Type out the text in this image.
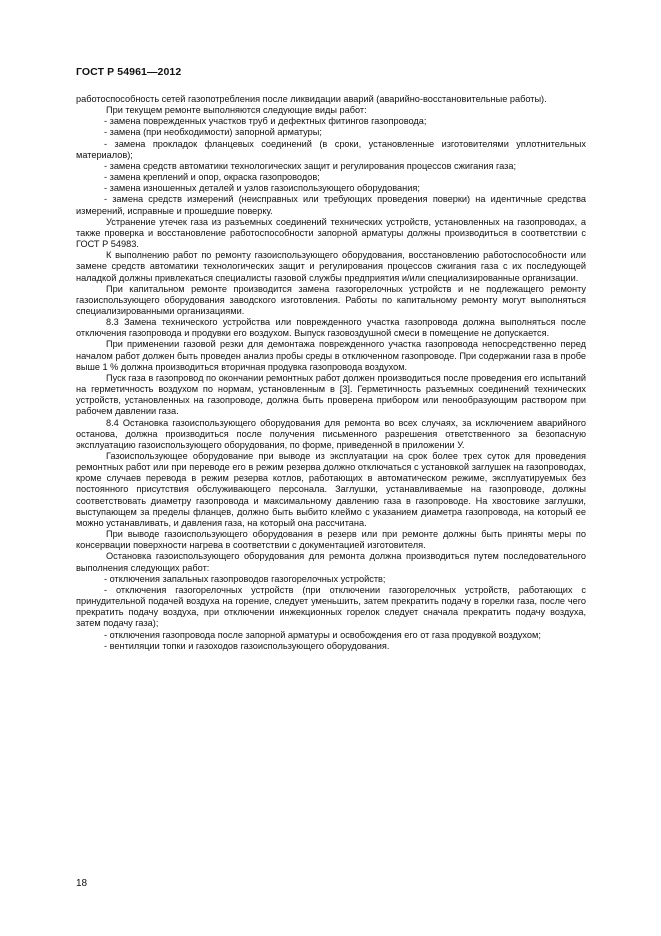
ГОСТ Р 54961—2012

работоспособность сетей газопотребления после ликвидации аварий (аварийно-восстановительные работы).

При текущем ремонте выполняются следующие виды работ:

- замена поврежденных участков труб и дефектных фитингов газопровода;

- замена (при необходимости) запорной арматуры;

- замена прокладок фланцевых соединений (в сроки, установленные изготовителями уплотнительных материалов);

- замена средств автоматики технологических защит и регулирования процессов сжигания газа;

- замена креплений и опор, окраска газопроводов;

- замена изношенных деталей и узлов газоиспользующего оборудования;

- замена средств измерений (неисправных или требующих проведения поверки) на идентичные средства измерений, исправные и прошедшие поверку.

Устранение утечек газа из разъемных соединений технических устройств, установленных на газопроводах, а также проверка и восстановление работоспособности запорной арматуры должны производиться в соответствии с ГОСТ Р 54983.

К выполнению работ по ремонту газоиспользующего оборудования, восстановлению работоспособности или замене средств автоматики технологических защит и регулирования процессов сжигания газа с их последующей наладкой должны привлекаться специалисты газовой службы предприятия и/или специализированные организации.

При капитальном ремонте производится замена газогорелочных устройств и не подлежащего ремонту газоиспользующего оборудования заводского изготовления. Работы по капитальному ремонту могут выполняться специализированными организациями.

8.3 Замена технического устройства или поврежденного участка газопровода должна выполняться после отключения газопровода и продувки его воздухом. Выпуск газовоздушной смеси в помещение не допускается.

При применении газовой резки для демонтажа поврежденного участка газопровода непосредственно перед началом работ должен быть проведен анализ пробы среды в отключенном газопроводе. При содержании газа в пробе выше 1 % должна производиться вторичная продувка газопровода воздухом.

Пуск газа в газопровод по окончании ремонтных работ должен производиться после проведения его испытаний на герметичность воздухом по нормам, установленным в [3]. Герметичность разъемных соединений технических устройств, установленных на газопроводе, должна быть проверена прибором или пенообразующим раствором при рабочем давлении газа.

8.4 Остановка газоиспользующего оборудования для ремонта во всех случаях, за исключением аварийного останова, должна производиться после получения письменного разрешения ответственного за безопасную эксплуатацию газоиспользующего оборудования, по форме, приведенной в приложении У.

Газоиспользующее оборудование при выводе из эксплуатации на срок более трех суток для проведения ремонтных работ или при переводе его в режим резерва должно отключаться с установкой заглушек на газопроводах, кроме случаев перевода в режим резерва котлов, работающих в автоматическом режиме, эксплуатируемых без постоянного присутствия обслуживающего персонала. Заглушки, устанавливаемые на газопроводе, должны соответствовать диаметру газопровода и максимальному давлению газа в газопроводе. На хвостовике заглушки, выступающем за пределы фланцев, должно быть выбито клеймо с указанием диаметра газопровода, на который ее можно устанавливать, и давления газа, на который она рассчитана.

При выводе газоиспользующего оборудования в резерв или при ремонте должны быть приняты меры по консервации поверхности нагрева в соответствии с документацией изготовителя.

Остановка газоиспользующего оборудования для ремонта должна производиться путем последовательного выполнения следующих работ:

- отключения запальных газопроводов газогорелочных устройств;

- отключения газогорелочных устройств (при отключении газогорелочных устройств, работающих с принудительной подачей воздуха на горение, следует уменьшить, затем прекратить подачу в горелки газа, после чего прекратить подачу воздуха, при отключении инжекционных горелок следует сначала прекратить подачу воздуха, затем подачу газа);

- отключения газопровода после запорной арматуры и освобождения его от газа продувкой воздухом;

- вентиляции топки и газоходов газоиспользующего оборудования.

18
